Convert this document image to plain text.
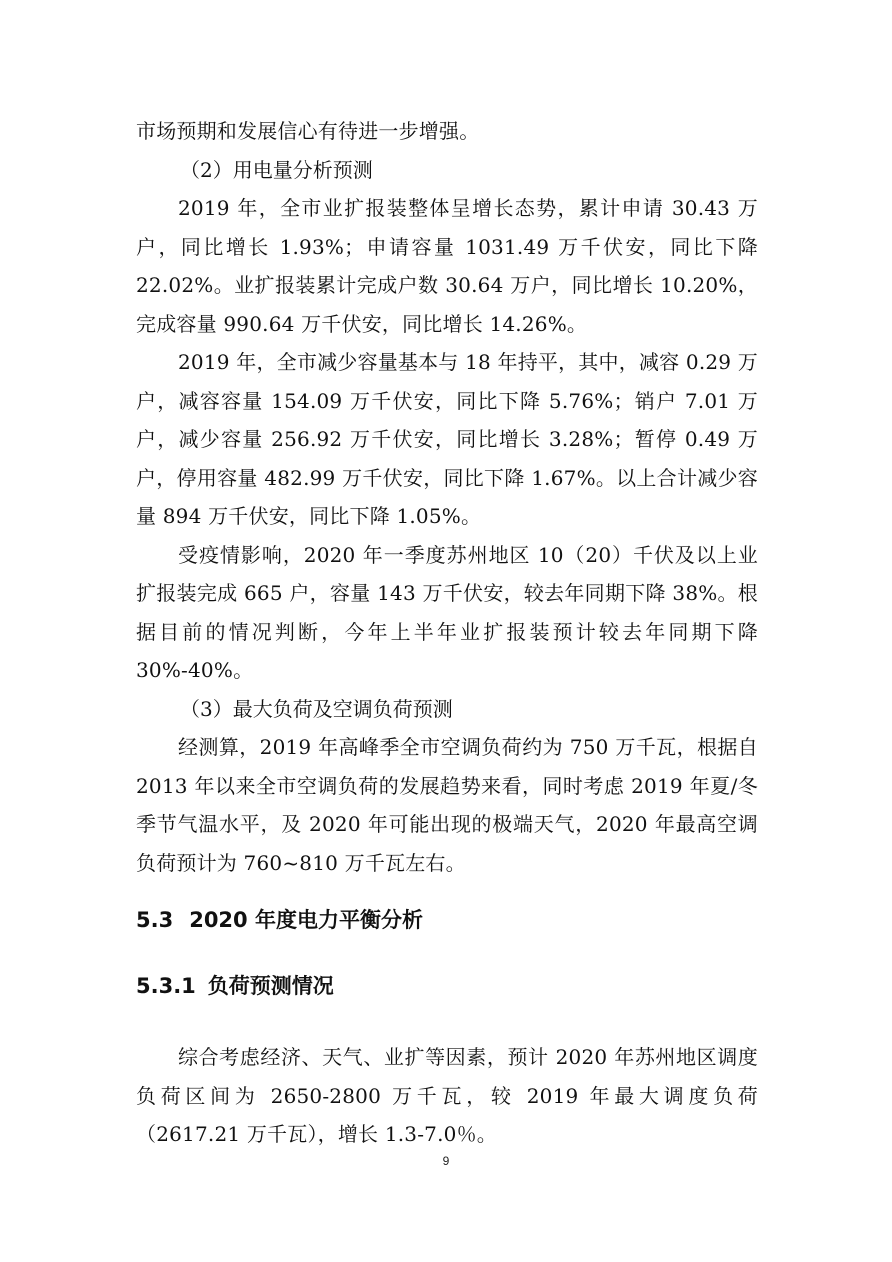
市场预期和发展信心有待进一步增强。

（2）用电量分析预测

2019 年，全市业扩报装整体呈增长态势，累计申请 30.43 万户，同比增长 1.93%；申请容量 1031.49 万千伏安，同比下降 22.02%。业扩报装累计完成户数 30.64 万户，同比增长 10.20%，完成容量 990.64 万千伏安，同比增长 14.26%。

2019 年，全市减少容量基本与 18 年持平，其中，减容 0.29 万户，减容容量 154.09 万千伏安，同比下降 5.76%；销户 7.01 万户，减少容量 256.92 万千伏安，同比增长 3.28%；暂停 0.49 万户，停用容量 482.99 万千伏安，同比下降 1.67%。以上合计减少容量 894 万千伏安，同比下降 1.05%。

受疫情影响，2020 年一季度苏州地区 10（20）千伏及以上业扩报装完成 665 户，容量 143 万千伏安，较去年同期下降 38%。根据目前的情况判断，今年上半年业扩报装预计较去年同期下降 30%-40%。

（3）最大负荷及空调负荷预测

经测算，2019 年高峰季全市空调负荷约为 750 万千瓦，根据自 2013 年以来全市空调负荷的发展趋势来看，同时考虑 2019 年夏/冬季节气温水平，及 2020 年可能出现的极端天气，2020 年最高空调负荷预计为 760~810 万千瓦左右。

5.3 2020 年度电力平衡分析
5.3.1 负荷预测情况

综合考虑经济、天气、业扩等因素，预计 2020 年苏州地区调度负荷区间为 2650-2800 万千瓦，较 2019 年最大调度负荷（2617.21 万千瓦），增长 1.3-7.0％。

9
